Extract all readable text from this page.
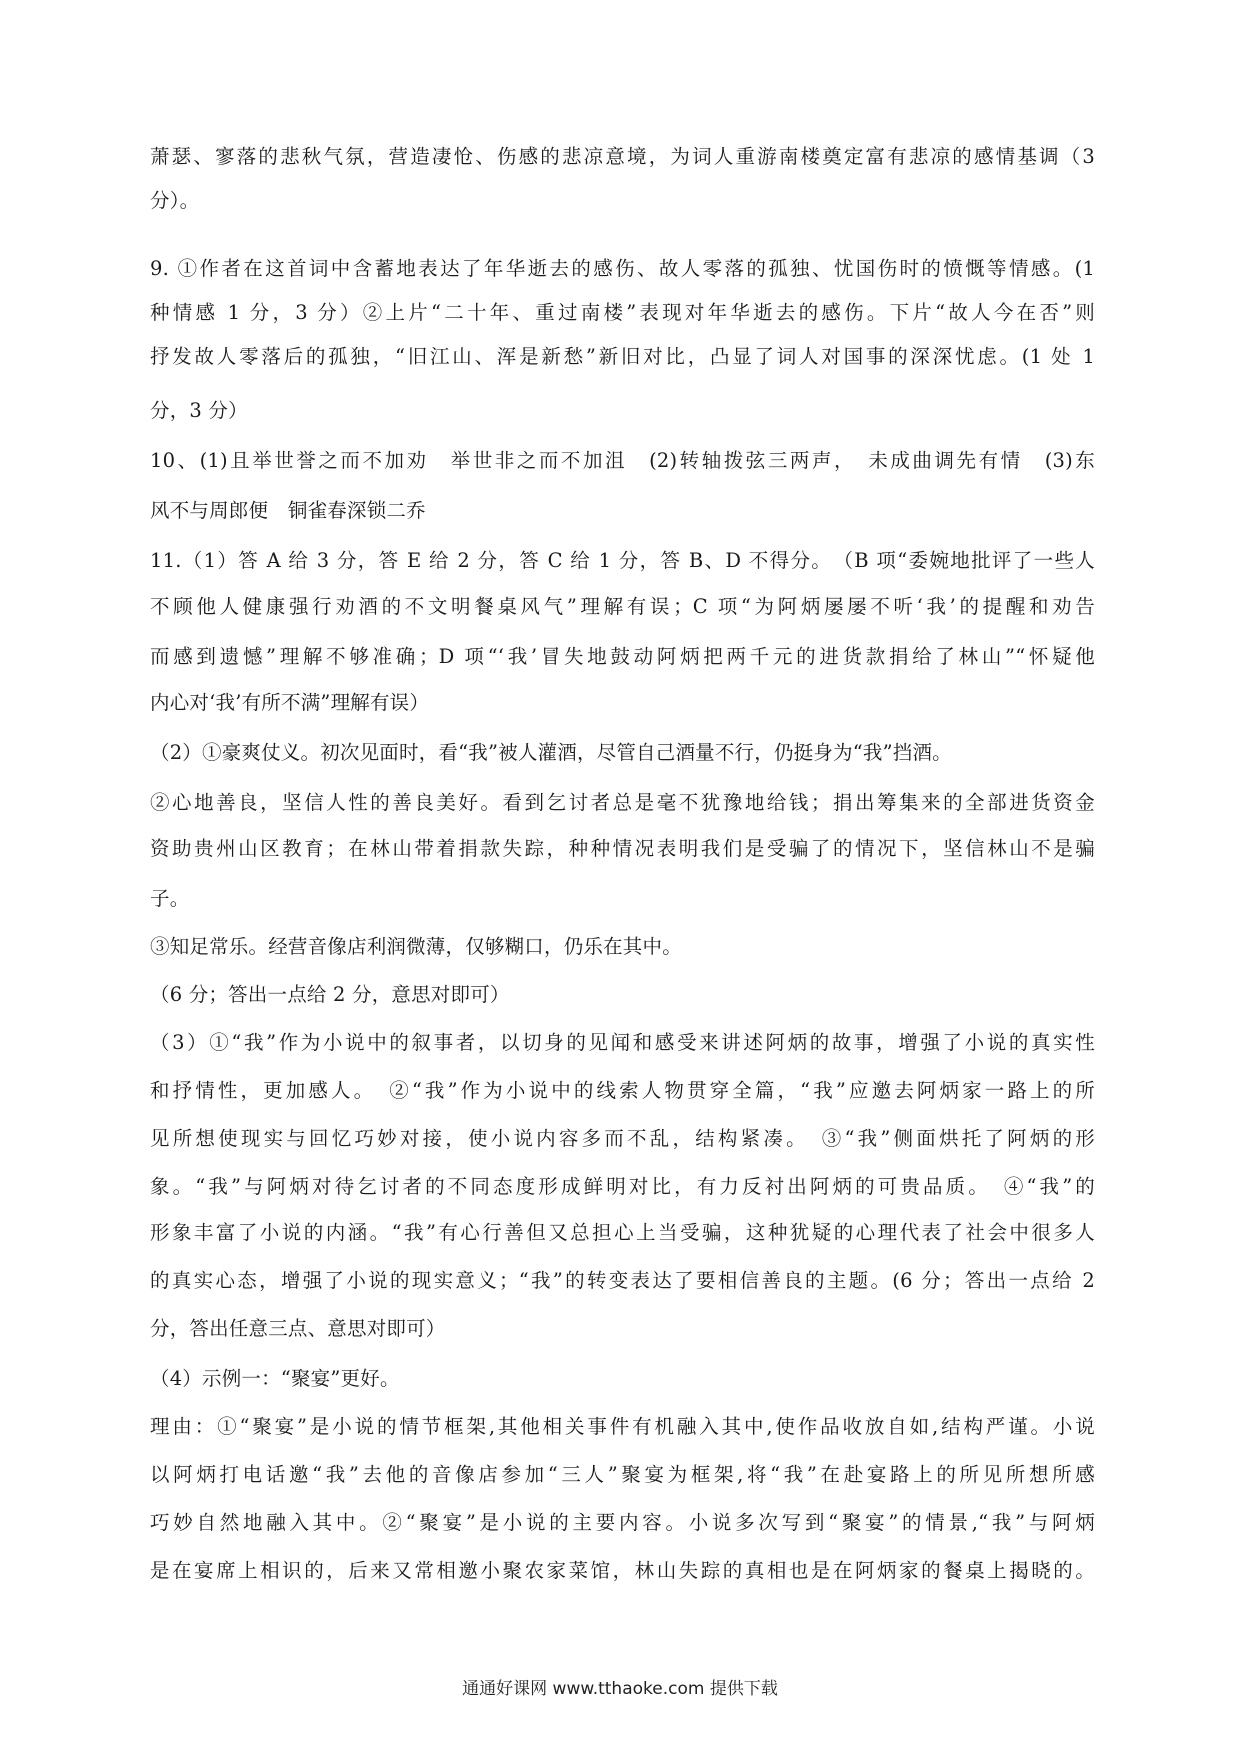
萧瑟、寥落的悲秋气氛，营造凄怆、伤感的悲凉意境，为词人重游南楼奠定富有悲凉的感情基调（3
分）。
9. ①作者在这首词中含蓄地表达了年华逝去的感伤、故人零落的孤独、忧国伤时的愤慨等情感。(1
种情感 1 分，3 分）②上片“二十年、重过南楼”表现对年华逝去的感伤。下片“故人今在否”则
抒发故人零落后的孤独，“旧江山、浑是新愁”新旧对比，凸显了词人对国事的深深忧虑。(1 处 1
分，3 分）
10、(1)且举世誉之而不加劝　举世非之而不加沮　(2)转轴拨弦三两声，　未成曲调先有情　(3)东
风不与周郎便　铜雀春深锁二乔
11.（1）答 A 给 3 分，答 E 给 2 分，答 C 给 1 分，答 B、D 不得分。　（B 项“委婉地批评了一些人
不顾他人健康强行劝酒的不文明餐桌风气”理解有误；C 项“为阿炳屡屡不听‘我’的提醒和劝告
而感到遗憾”理解不够准确；D 项“‘我’冒失地鼓动阿炳把两千元的进货款捐给了林山”“怀疑他
内心对‘我’有所不满”理解有误）
（2）①豪爽仗义。初次见面时，看“我”被人灌酒，尽管自己酒量不行，仍挺身为“我”挡酒。
②心地善良，坚信人性的善良美好。看到乞讨者总是毫不犹豫地给钱；捐出筹集来的全部进货资金
资助贵州山区教育；在林山带着捐款失踪，种种情况表明我们是受骗了的情况下，坚信林山不是骗
子。
③知足常乐。经营音像店利润微薄，仅够糊口，仍乐在其中。
（6 分；答出一点给 2 分，意思对即可）
（3）①“我”作为小说中的叙事者，以切身的见闻和感受来讲述阿炳的故事，增强了小说的真实性
和抒情性，更加感人。　②“我”作为小说中的线索人物贯穿全篇，“我”应邀去阿炳家一路上的所
见所想使现实与回忆巧妙对接，使小说内容多而不乱，结构紧凑。　③“我”侧面烘托了阿炳的形
象。“我”与阿炳对待乞讨者的不同态度形成鲜明对比，有力反衬出阿炳的可贵品质。　④“我”的
形象丰富了小说的内涵。“我”有心行善但又总担心上当受骗，这种犹疑的心理代表了社会中很多人
的真实心态，增强了小说的现实意义；“我”的转变表达了要相信善良的主题。(6 分；答出一点给 2
分，答出任意三点、意思对即可）
（4）示例一：“聚宴”更好。
理由：①“聚宴”是小说的情节框架,其他相关事件有机融入其中,使作品收放自如,结构严谨。小说
以阿炳打电话邀“我”去他的音像店参加“三人”聚宴为框架,将“我”在赴宴路上的所见所想所感
巧妙自然地融入其中。②“聚宴”是小说的主要内容。小说多次写到“聚宴”的情景,“我”与阿炳
是在宴席上相识的，后来又常相邀小聚农家菜馆，林山失踪的真相也是在阿炳家的餐桌上揭晓的。
通通好课网 www.tthaoke.com 提供下载
